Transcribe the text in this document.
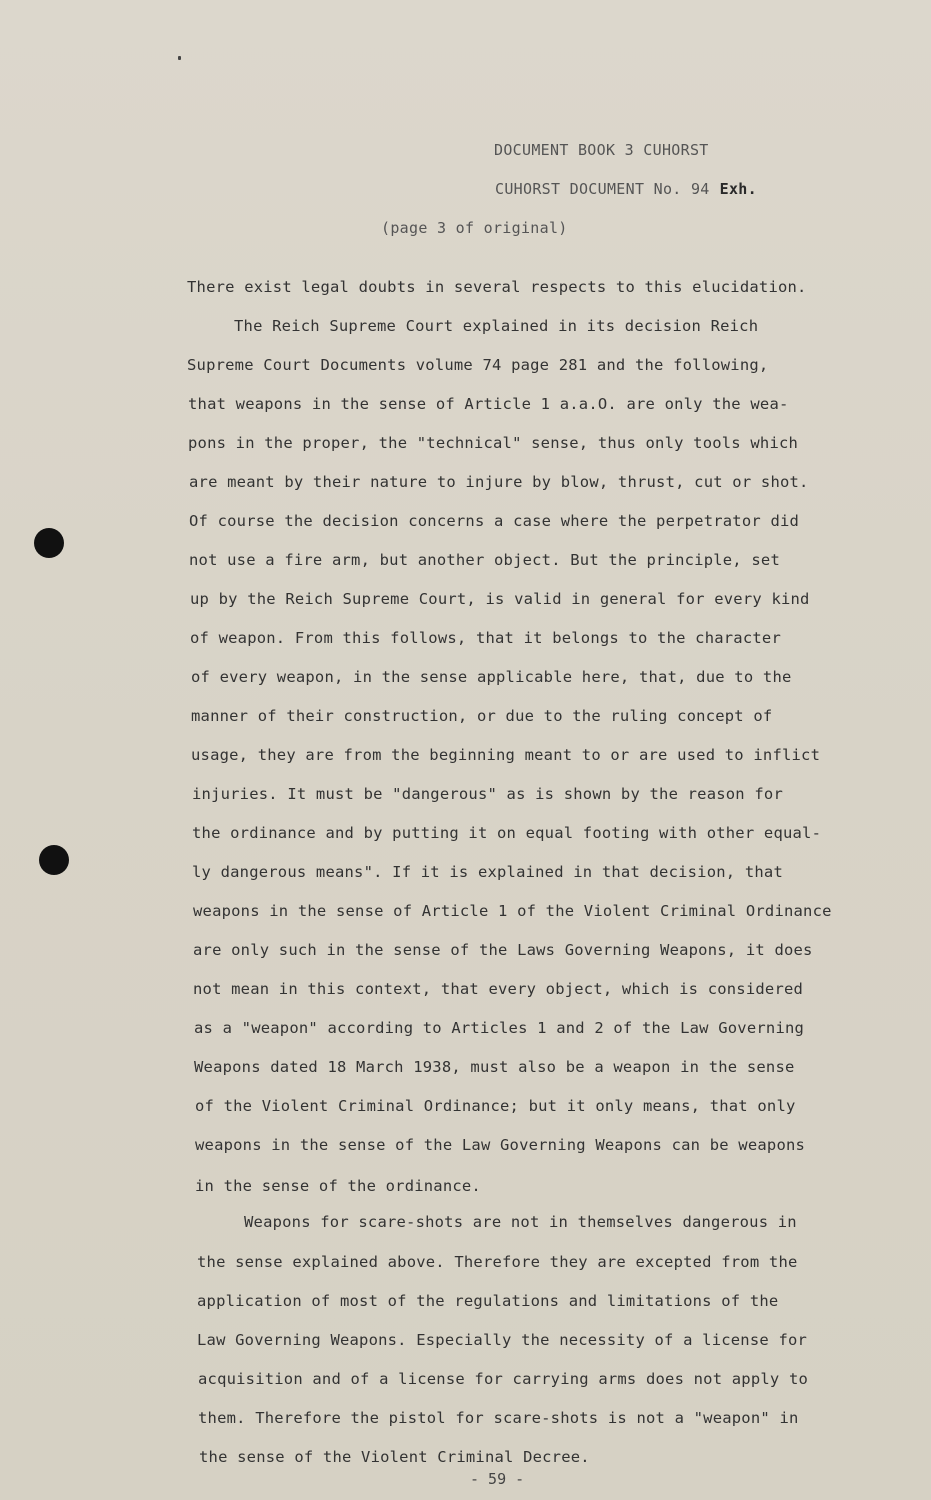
DOCUMENT BOOK 3 CUHORST
CUHORST DOCUMENT No. 94 Exh.
(page 3 of original)
There exist legal doubts in several respects to this elucidation.
The Reich Supreme Court explained in its decision Reich
Supreme Court Documents volume 74 page 281 and the following,
that weapons in the sense of Article 1 a.a.O. are only the wea-
pons in the proper, the "technical" sense, thus only tools which
are meant by their nature to injure by blow, thrust, cut or shot.
Of course the decision concerns a case where the perpetrator did
not use a fire arm, but another object. But the principle, set
up by the Reich Supreme Court, is valid in general for every kind
of weapon. From this follows, that it belongs to the character
of every weapon, in the sense applicable here, that, due to the
manner of their construction, or due to the ruling concept of
usage, they are from the beginning meant to or are used to inflict
injuries. It must be "dangerous" as is shown by the reason for
the ordinance and by putting it on equal footing with other equal-
ly dangerous means". If it is explained in that decision, that
weapons in the sense of Article 1 of the Violent Criminal Ordinance
are only such in the sense of the Laws Governing Weapons, it does
not mean in this context, that every object, which is considered
as a "weapon" according to Articles 1 and 2 of the Law Governing
Weapons dated 18 March 1938, must also be a weapon in the sense
of the Violent Criminal Ordinance; but it only means, that only
weapons in the sense of the Law Governing Weapons can be weapons
in the sense of the ordinance.
Weapons for scare-shots are not in themselves dangerous in
the sense explained above. Therefore they are excepted from the
application of most of the regulations and limitations of the
Law Governing Weapons. Especially the necessity of a license for
acquisition and of a license for carrying arms does not apply to
them. Therefore the pistol for scare-shots is not a "weapon" in
the sense of the Violent Criminal Decree.
- 59 -
